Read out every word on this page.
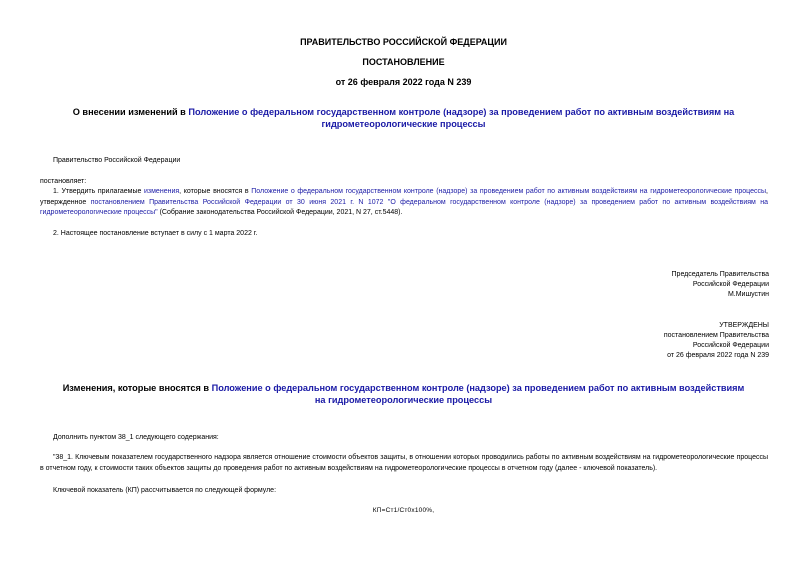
ПРАВИТЕЛЬСТВО РОССИЙСКОЙ ФЕДЕРАЦИИ
ПОСТАНОВЛЕНИЕ
от 26 февраля 2022 года N 239
О внесении изменений в Положение о федеральном государственном контроле (надзоре) за проведением работ по активным воздействиям на гидрометеорологические процессы
Правительство Российской Федерации
постановляет:
1. Утвердить прилагаемые изменения, которые вносятся в Положение о федеральном государственном контроле (надзоре) за проведением работ по активным воздействиям на гидрометеорологические процессы, утвержденное постановлением Правительства Российской Федерации от 30 июня 2021 г. N 1072 "О федеральном государственном контроле (надзоре) за проведением работ по активным воздействиям на гидрометеорологические процессы" (Собрание законодательства Российской Федерации, 2021, N 27, ст.5448).
2. Настоящее постановление вступает в силу с 1 марта 2022 г.
Председатель Правительства
Российской Федерации
М.Мишустин
УТВЕРЖДЕНЫ
постановлением Правительства
Российской Федерации
от 26 февраля 2022 года N 239
Изменения, которые вносятся в Положение о федеральном государственном контроле (надзоре) за проведением работ по активным воздействиям на гидрометеорологические процессы
Дополнить пунктом 38_1 следующего содержания:
"38_1. Ключевым показателем государственного надзора является отношение стоимости объектов защиты, в отношении которых проводились работы по активным воздействиям на гидрометеорологические процессы в отчетном году, к стоимости таких объектов защиты до проведения работ по активным воздействиям на гидрометеорологические процессы в отчетном году (далее - ключевой показатель).
Ключевой показатель (КП) рассчитывается по следующей формуле:
КП=Ст1/Ст0х100%,
